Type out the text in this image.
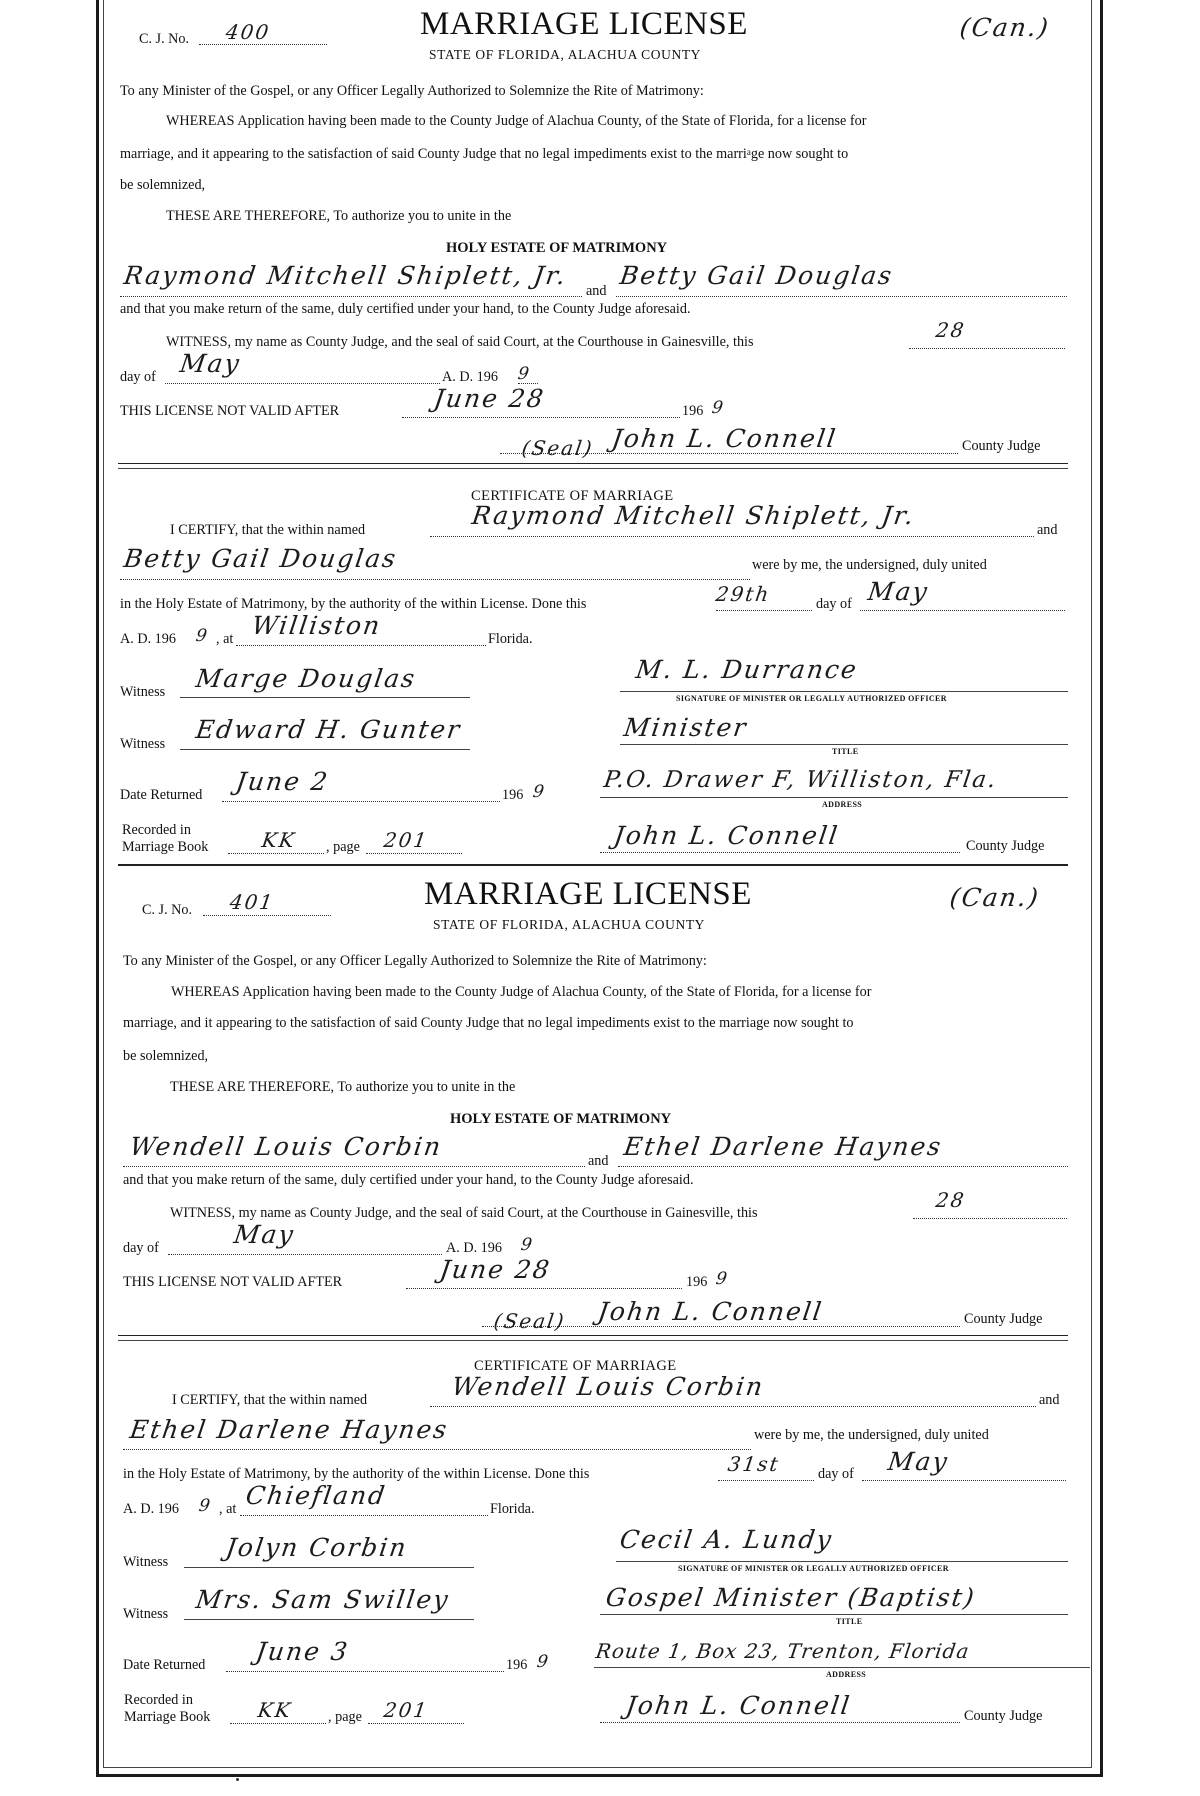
C. J. No. 400	MARRIAGE LICENSE
STATE OF FLORIDA, ALACHUA COUNTY
(Can.)
To any Minister of the Gospel, or any Officer Legally Authorized to Solemnize the Rite of Matrimony:
WHEREAS Application having been made to the County Judge of Alachua County, of the State of Florida, for a license for
marriage, and it appearing to the satisfaction of said County Judge that no legal impediments exist to the marri$^a$ge now sought to
be solemnized,
THESE ARE THEREFORE, To authorize you to unite in the
HOLY ESTATE OF MATRIMONY
Raymond Mitchell Shiplett, Jr.
and
Betty Gail Douglas
and that you make return of the same, duly certified under your hand, to the County Judge aforesaid.
WITNESS, my name as County Judge, and the seal of said Court, at the Courthouse in Gainesville, this	28
day of May	A. D. 196 9
THIS LICENSE NOT VALID AFTER	June 28	196 9
(Seal) John L. Connell	County Judge
CERTIFICATE OF MARRIAGE
I CERTIFY, that the within named	Raymond Mitchell Shiplett, Jr.	and
Betty Gail Douglas	were by me, the undersigned, duly united
in the Holy Estate of Matrimony, by the authority of the within License. Done this	29th	day of May
A. D. 196 9 , at Williston	Florida.
Witness Marge Douglas	M. L. Durrance
SIGNATURE OF MINISTER OR LEGALLY AUTHORIZED OFFICER
Witness Edward H. Gunter	Minister
TITLE
Date Returned June 2	196 9 P.O. Drawer F, Williston, Fla.
ADDRESS
Recorded in
Marriage Book	KK , page 201	John L. Connell	County Judge
C. J. No. 401	MARRIAGE LICENSE
STATE OF FLORIDA, ALACHUA COUNTY
(Can.)
To any Minister of the Gospel, or any Officer Legally Authorized to Solemnize the Rite of Matrimony:
WHEREAS Application having been made to the County Judge of Alachua County, of the State of Florida, for a license for
marriage, and it appearing to the satisfaction of said County Judge that no legal impediments exist to the marriage now sought to
be solemnized,
THESE ARE THEREFORE, To authorize you to unite in the
HOLY ESTATE OF MATRIMONY
Wendell Louis Corbin	and Ethel Darlene Haynes
and that you make return of the same, duly certified under your hand, to the County Judge aforesaid.
WITNESS, my name as County Judge, and the seal of said Court, at the Courthouse in Gainesville, this
28
day of	May	A. D. 196 9
THIS LICENSE NOT VALID AFTER	June 28	196 9
(Seal) John L. Connell	County Judge
CERTIFICATE OF MARRIAGE
I CERTIFY, that the within named	Wendell Louis Corbin	and
Ethel Darlene Haynes	were by me, the undersigned, duly united
in the Holy Estate of Matrimony, by the authority of the within License. Done this	31st	day of May
A. D. 196 9 , at Chiefland	Florida.
Witness Jolyn Corbin	Cecil A. Lundy
SIGNATURE OF MINISTER OR LEGALLY AUTHORIZED OFFICER
Witness Mrs. Sam Swilley	Gospel Minister (Baptist)
TITLE
Date Returned June 3	196 9 Route 1, Box 23, Trenton, Florida
ADDRESS
Recorded in
Marriage Book KK , page 201	John L. Connell	County Judge
